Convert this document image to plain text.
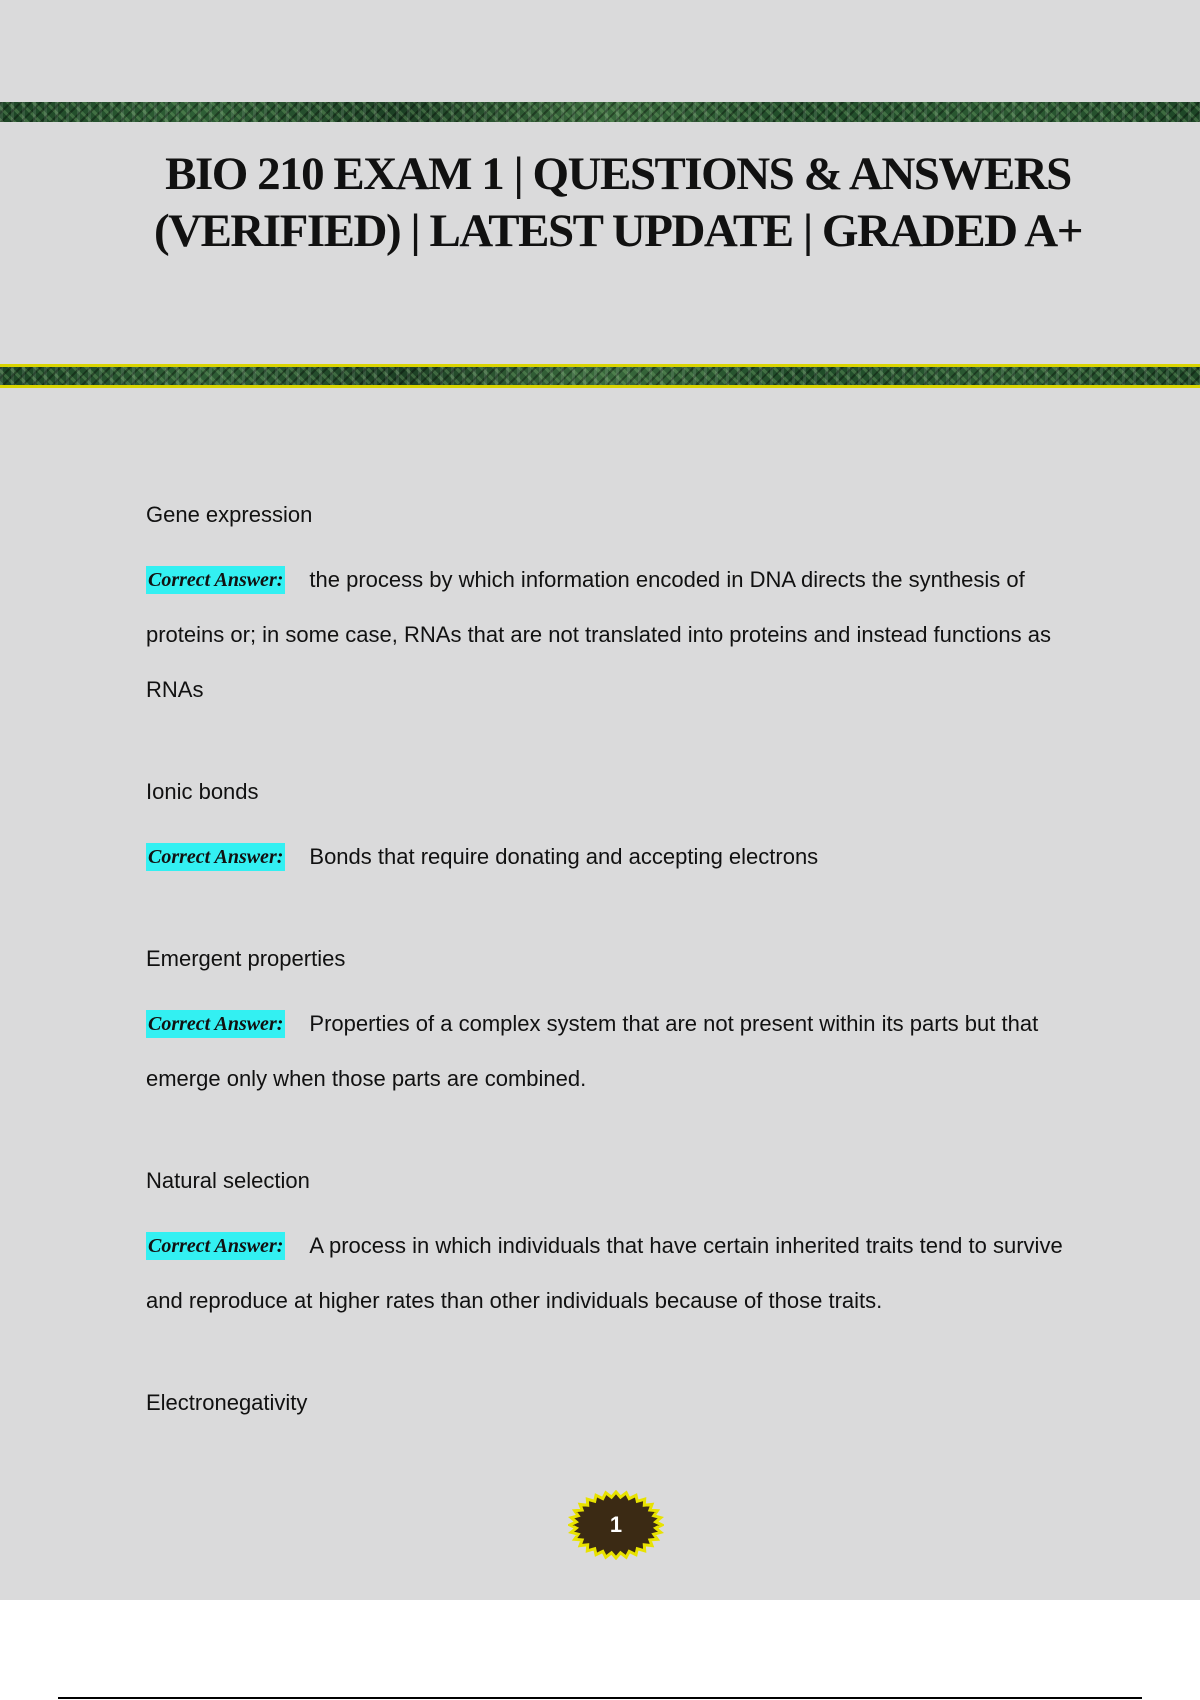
BIO 210 EXAM 1 | QUESTIONS & ANSWERS (VERIFIED) | LATEST UPDATE | GRADED A+
Gene expression

Correct Answer: the process by which information encoded in DNA directs the synthesis of proteins or; in some case, RNAs that are not translated into proteins and instead functions as RNAs

Ionic bonds

Correct Answer: Bonds that require donating and accepting electrons

Emergent properties

Correct Answer: Properties of a complex system that are not present within its parts but that emerge only when those parts are combined.

Natural selection

Correct Answer: A process in which individuals that have certain inherited traits tend to survive and reproduce at higher rates than other individuals because of those traits.

Electronegativity
1
